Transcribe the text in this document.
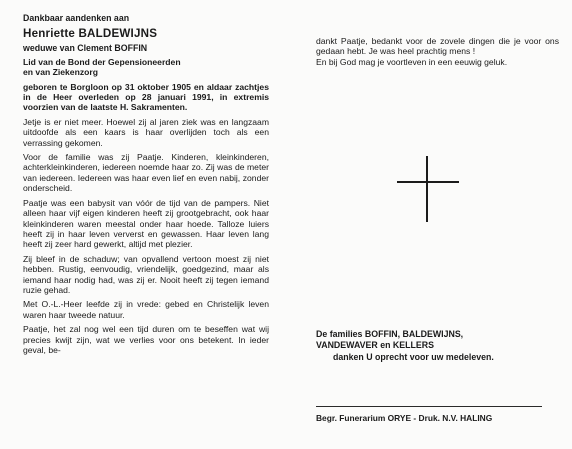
Dankbaar aandenken aan

Henriette BALDEWIJNS

weduwe van Clement BOFFIN

Lid van de Bond der Gepensioneerden
en van Ziekenzorg

geboren te Borgloon op 31 oktober 1905 en aldaar zachtjes in de Heer overleden op 28 januari 1991, in extremis voorzien van de laatste H. Sakramenten.

Jetje is er niet meer. Hoewel zij al jaren ziek was en langzaam uitdoofde als een kaars is haar overlijden toch als een verrassing gekomen.

Voor de familie was zij Paatje. Kinderen, kleinkinderen, achterkleinkinderen, iedereen noemde haar zo. Zij was de meter van iedereen. Iedereen was haar even lief en even nabij, zonder onderscheid.

Paatje was een babysit van vóór de tijd van de pampers. Niet alleen haar vijf eigen kinderen heeft zij grootgebracht, ook haar kleinkinderen waren meestal onder haar hoede. Talloze luiers heeft zij in haar leven ververst en gewassen. Haar leven lang heeft zij zeer hard gewerkt, altijd met plezier.

Zij bleef in de schaduw; van opvallend vertoon moest zij niet hebben. Rustig, eenvoudig, vriendelijk, goedgezind, maar als iemand haar nodig had, was zij er. Nooit heeft zij tegen iemand ruzie gehad.

Met O.-L.-Heer leefde zij in vrede: gebed en Christelijk leven waren haar tweede natuur.

Paatje, het zal nog wel een tijd duren om te beseffen wat wij precies kwijt zijn, wat we verlies voor ons betekent. In ieder geval, be-

dankt Paatje, bedankt voor de zovele dingen die je voor ons gedaan hebt. Je was heel prachtig mens !

En bij God mag je voortleven in een eeuwig geluk.

De families BOFFIN, BALDEWIJNS,
VANDEWAVER en KELLERS
danken U oprecht voor uw medeleven.
Begr. Funerarium ORYE - Druk. N.V. HALING
